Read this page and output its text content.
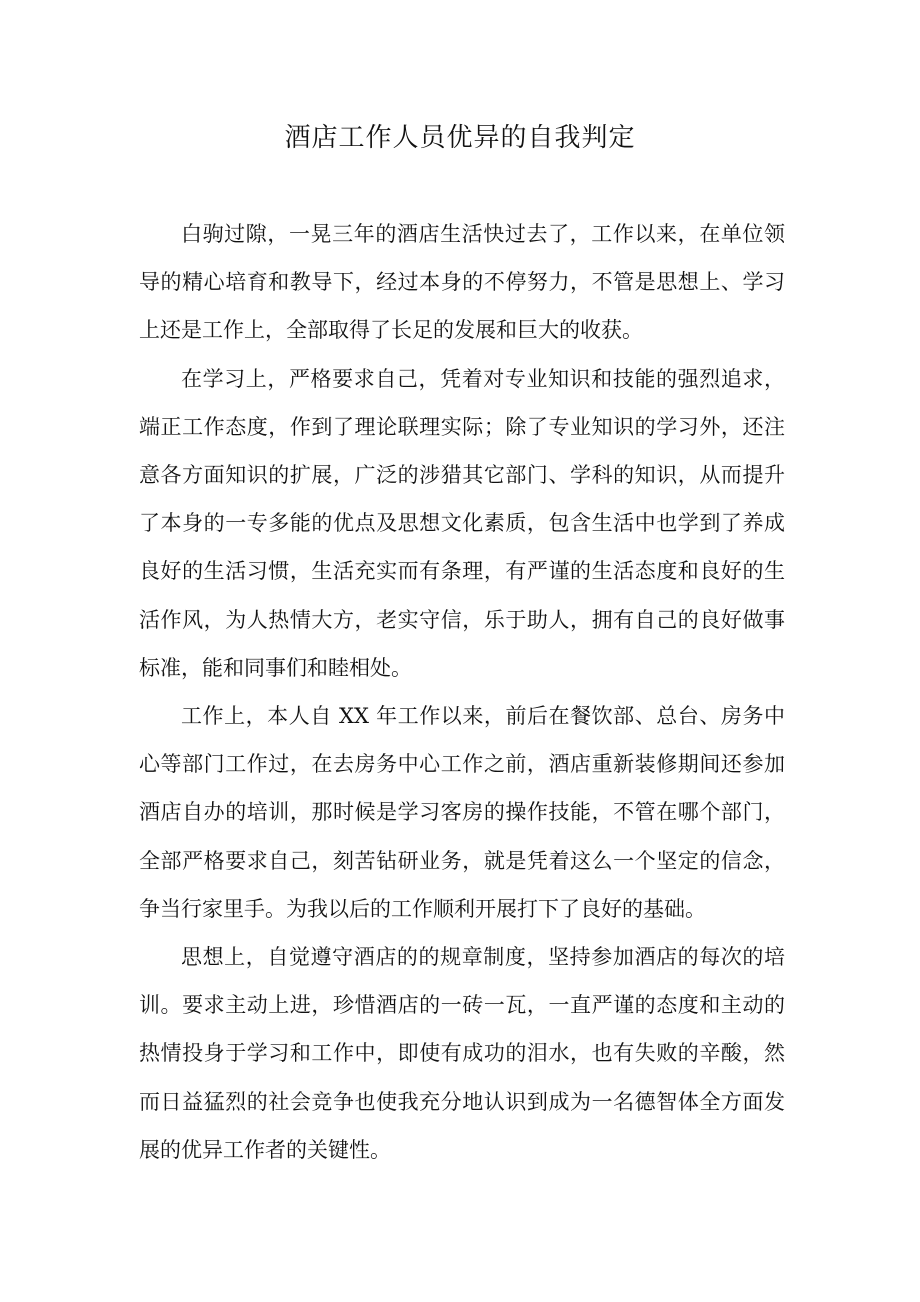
酒店工作人员优异的自我判定

白驹过隙，一晃三年的酒店生活快过去了，工作以来，在单位领导的精心培育和教导下，经过本身的不停努力，不管是思想上、学习上还是工作上，全部取得了长足的发展和巨大的收获。

在学习上，严格要求自己，凭着对专业知识和技能的强烈追求，端正工作态度，作到了理论联理实际；除了专业知识的学习外，还注意各方面知识的扩展，广泛的涉猎其它部门、学科的知识，从而提升了本身的一专多能的优点及思想文化素质，包含生活中也学到了养成良好的生活习惯，生活充实而有条理，有严谨的生活态度和良好的生活作风，为人热情大方，老实守信，乐于助人，拥有自己的良好做事标准，能和同事们和睦相处。

工作上，本人自 XX 年工作以来，前后在餐饮部、总台、房务中心等部门工作过，在去房务中心工作之前，酒店重新装修期间还参加酒店自办的培训，那时候是学习客房的操作技能，不管在哪个部门，全部严格要求自己，刻苦钻研业务，就是凭着这么一个坚定的信念，争当行家里手。为我以后的工作顺利开展打下了良好的基础。

思想上，自觉遵守酒店的的规章制度，坚持参加酒店的每次的培训。要求主动上进，珍惜酒店的一砖一瓦，一直严谨的态度和主动的热情投身于学习和工作中，即使有成功的泪水，也有失败的辛酸，然而日益猛烈的社会竞争也使我充分地认识到成为一名德智体全方面发展的优异工作者的关键性。
